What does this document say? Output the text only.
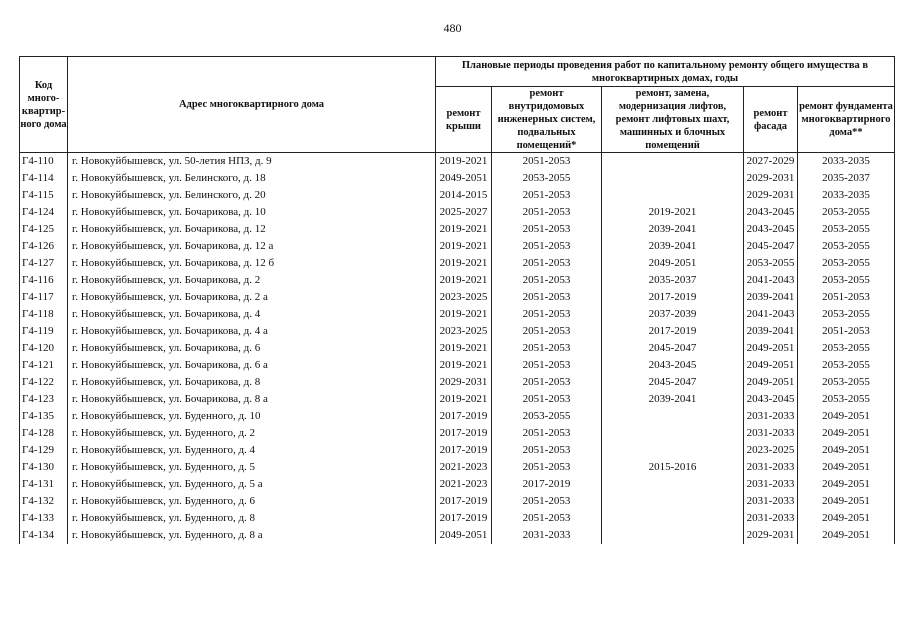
480
Код много-квартир-ного дома	Адрес многоквартирного дома	Плановые периоды проведения работ по капитальному ремонту общего имущества в многоквартирных домах, годы				
		ремонт крыши	ремонт внутридомовых инженерных систем, подвальных помещений*	ремонт, замена, модернизация лифтов, ремонт лифтовых шахт, машинных и блочных помещений	ремонт фасада	ремонт фундамента многоквартирного дома**
Г4-110	г. Новокуйбышевск, ул. 50-летия НПЗ, д. 9	2019-2021	2051-2053		2027-2029	2033-2035
Г4-114	г. Новокуйбышевск, ул. Белинского, д. 18	2049-2051	2053-2055		2029-2031	2035-2037
Г4-115	г. Новокуйбышевск, ул. Белинского, д. 20	2014-2015	2051-2053		2029-2031	2033-2035
Г4-124	г. Новокуйбышевск, ул. Бочарикова, д. 10	2025-2027	2051-2053	2019-2021	2043-2045	2053-2055
Г4-125	г. Новокуйбышевск, ул. Бочарикова, д. 12	2019-2021	2051-2053	2039-2041	2043-2045	2053-2055
Г4-126	г. Новокуйбышевск, ул. Бочарикова, д. 12 а	2019-2021	2051-2053	2039-2041	2045-2047	2053-2055
Г4-127	г. Новокуйбышевск, ул. Бочарикова, д. 12 б	2019-2021	2051-2053	2049-2051	2053-2055	2053-2055
Г4-116	г. Новокуйбышевск, ул. Бочарикова, д. 2	2019-2021	2051-2053	2035-2037	2041-2043	2053-2055
Г4-117	г. Новокуйбышевск, ул. Бочарикова, д. 2 а	2023-2025	2051-2053	2017-2019	2039-2041	2051-2053
Г4-118	г. Новокуйбышевск, ул. Бочарикова, д. 4	2019-2021	2051-2053	2037-2039	2041-2043	2053-2055
Г4-119	г. Новокуйбышевск, ул. Бочарикова, д. 4 а	2023-2025	2051-2053	2017-2019	2039-2041	2051-2053
Г4-120	г. Новокуйбышевск, ул. Бочарикова, д. 6	2019-2021	2051-2053	2045-2047	2049-2051	2053-2055
Г4-121	г. Новокуйбышевск, ул. Бочарикова, д. 6 а	2019-2021	2051-2053	2043-2045	2049-2051	2053-2055
Г4-122	г. Новокуйбышевск, ул. Бочарикова, д. 8	2029-2031	2051-2053	2045-2047	2049-2051	2053-2055
Г4-123	г. Новокуйбышевск, ул. Бочарикова, д. 8 а	2019-2021	2051-2053	2039-2041	2043-2045	2053-2055
Г4-135	г. Новокуйбышевск, ул. Буденного, д. 10	2017-2019	2053-2055		2031-2033	2049-2051
Г4-128	г. Новокуйбышевск, ул. Буденного, д. 2	2017-2019	2051-2053		2031-2033	2049-2051
Г4-129	г. Новокуйбышевск, ул. Буденного, д. 4	2017-2019	2051-2053		2023-2025	2049-2051
Г4-130	г. Новокуйбышевск, ул. Буденного, д. 5	2021-2023	2051-2053	2015-2016	2031-2033	2049-2051
Г4-131	г. Новокуйбышевск, ул. Буденного, д. 5 а	2021-2023	2017-2019		2031-2033	2049-2051
Г4-132	г. Новокуйбышевск, ул. Буденного, д. 6	2017-2019	2051-2053		2031-2033	2049-2051
Г4-133	г. Новокуйбышевск, ул. Буденного, д. 8	2017-2019	2051-2053		2031-2033	2049-2051
Г4-134	г. Новокуйбышевск, ул. Буденного, д. 8 а	2049-2051	2031-2033		2029-2031	2049-2051
